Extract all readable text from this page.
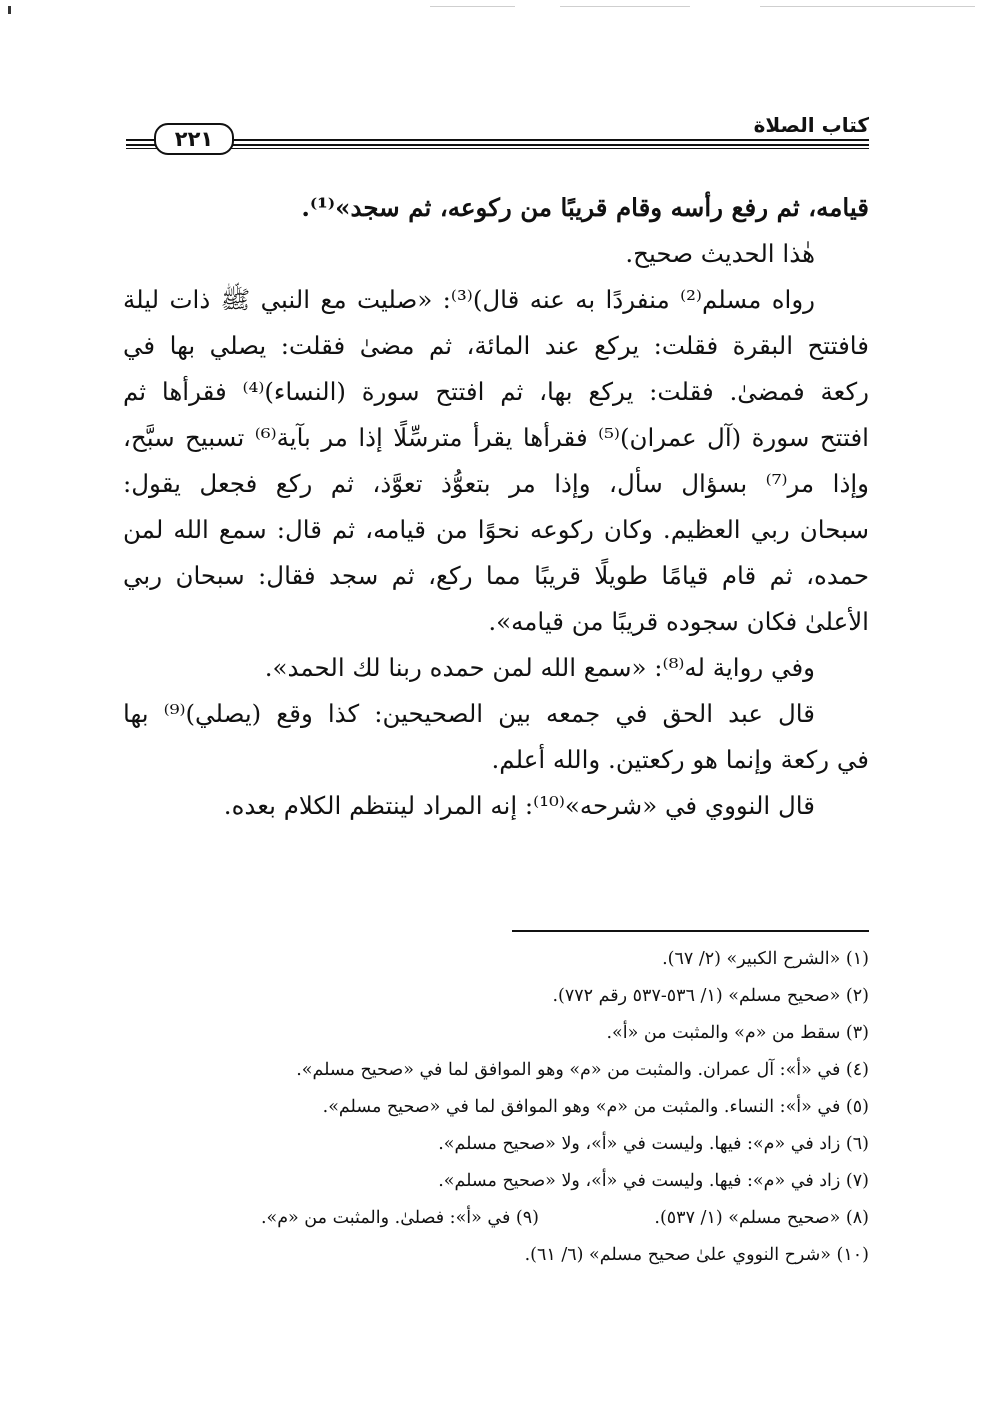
٢٢١
كتاب الصلاة
قيامه، ثم رفع رأسه وقام قريبًا من ركوعه، ثم سجد»⁽¹⁾.
هٰذا الحديث صحيح.
رواه مسلم⁽²⁾ منفردًا به عنه قال)⁽³⁾: «صليت مع النبي ﷺ ذات ليلة
فافتتح البقرة فقلت: يركع عند المائة، ثم مضىٰ فقلت: يصلي بها في
ركعة فمضىٰ. فقلت: يركع بها، ثم افتتح سورة (النساء)⁽⁴⁾ فقرأها ثم
افتتح سورة (آل عمران)⁽⁵⁾ فقرأها يقرأ مترسِّلًا إذا مر بآية⁽⁶⁾ تسبيح سبَّح،
وإذا مر⁽⁷⁾ بسؤال سأل، وإذا مر بتعوُّذ تعوَّذ، ثم ركع فجعل يقول:
سبحان ربي العظيم. وكان ركوعه نحوًا من قيامه، ثم قال: سمع الله لمن
حمده، ثم قام قيامًا طويلًا قريبًا مما ركع، ثم سجد فقال: سبحان ربي
الأعلىٰ فكان سجوده قريبًا من قيامه».
وفي رواية له⁽⁸⁾: «سمع الله لمن حمده ربنا لك الحمد».
قال عبد الحق في جمعه بين الصحيحين: كذا وقع (يصلي)⁽⁹⁾ بها
في ركعة وإنما هو ركعتين. والله أعلم.
قال النووي في «شرحه»⁽¹⁰⁾: إنه المراد لينتظم الكلام بعده.
(١) «الشرح الكبير» (٢/ ٦٧).
(٢) «صحيح مسلم» (١/ ٥٣٦-٥٣٧ رقم ٧٧٢).
(٣) سقط من «م» والمثبت من «أ».
(٤) في «أ»: آل عمران. والمثبت من «م» وهو الموافق لما في «صحيح مسلم».
(٥) في «أ»: النساء. والمثبت من «م» وهو الموافق لما في «صحيح مسلم».
(٦) زاد في «م»: فيها. وليست في «أ»، ولا «صحيح مسلم».
(٧) زاد في «م»: فيها. وليست في «أ»، ولا «صحيح مسلم».
(٨) «صحيح مسلم» (١/ ٥٣٧).(٩) في «أ»: فصلىٰ. والمثبت من «م».
(١٠) «شرح النووي علىٰ صحيح مسلم» (٦/ ٦١).
